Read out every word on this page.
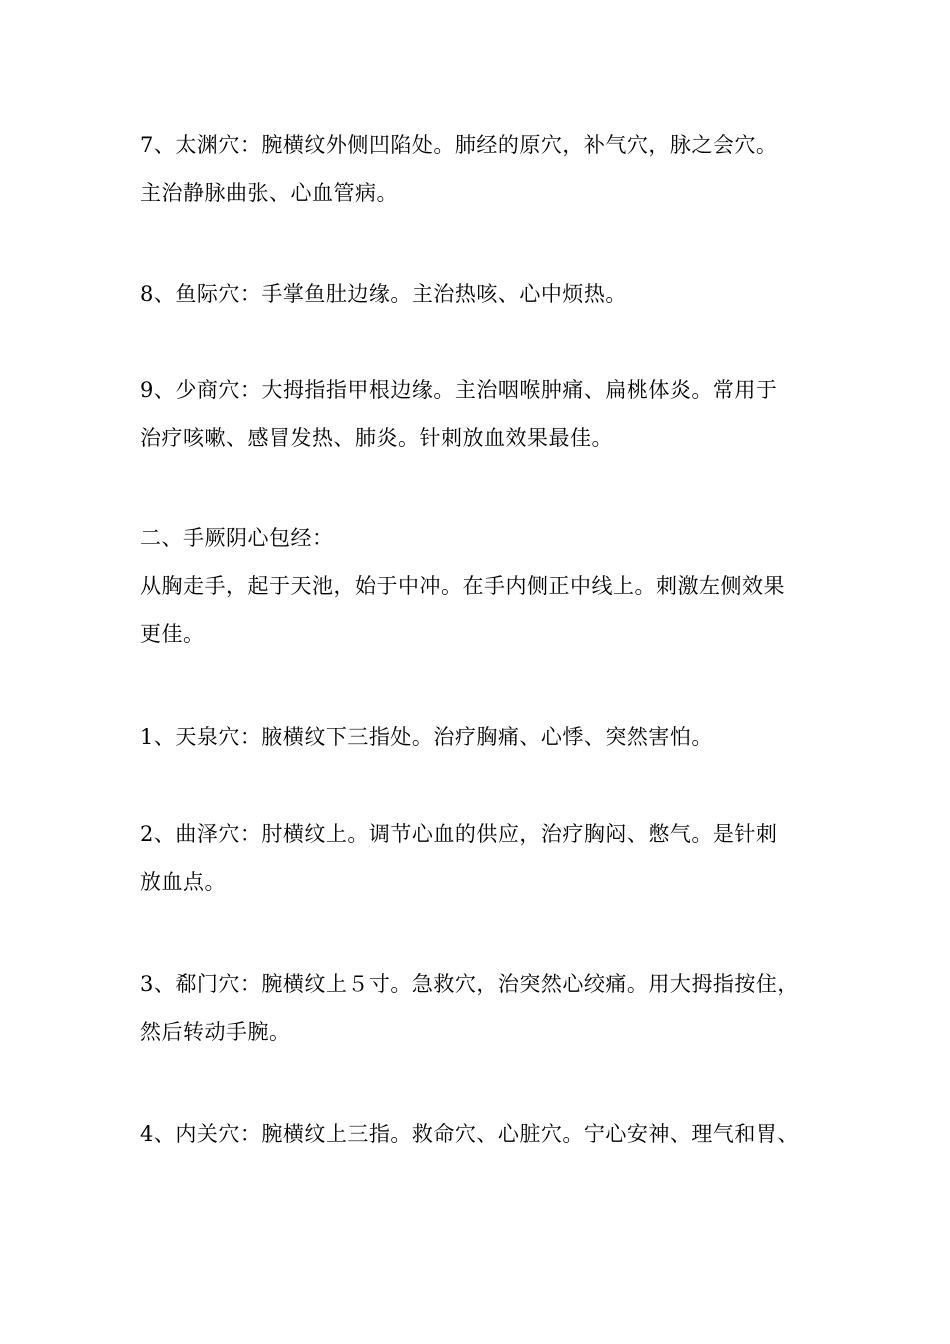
7、太渊穴：腕横纹外侧凹陷处。肺经的原穴，补气穴，脉之会穴。
主治静脉曲张、心血管病。
8、鱼际穴：手掌鱼肚边缘。主治热咳、心中烦热。
9、少商穴：大拇指指甲根边缘。主治咽喉肿痛、扁桃体炎。常用于
治疗咳嗽、感冒发热、肺炎。针刺放血效果最佳。
二、手厥阴心包经：
从胸走手，起于天池，始于中冲。在手内侧正中线上。刺激左侧效果
更佳。
1、天泉穴：腋横纹下三指处。治疗胸痛、心悸、突然害怕。
2、曲泽穴：肘横纹上。调节心血的供应，治疗胸闷、憋气。是针刺
放血点。
3、郗门穴：腕横纹上５寸。急救穴，治突然心绞痛。用大拇指按住，
然后转动手腕。
4、内关穴：腕横纹上三指。救命穴、心脏穴。宁心安神、理气和胃、
